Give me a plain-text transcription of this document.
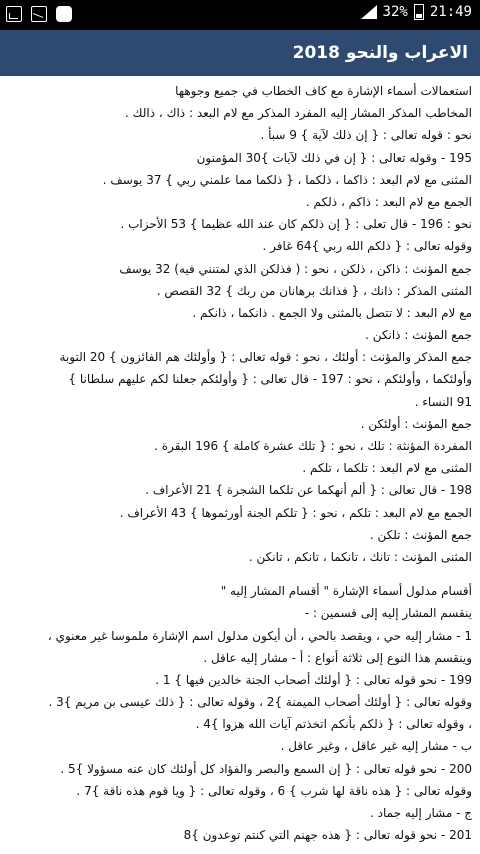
32% 21:49
الاعراب والنحو 2018
استعمالات أسماء الإشارة مع كاف الخطاب في جميع وجوهها
المخاطب المذكر المشار إليه المفرد المذكر مع لام البعد : ذاك ، ذالك .
نحو : قوله تعالى : { إن ذلك لآية } 9 سبأ .
195 - وقوله تعالى : { إن في ذلك لآيات }30 المؤمنون
المثنى مع لام البعد : ذاكما ، ذلكما ، { ذلكما مما علمني ربي } 37 يوسف .
الجمع مع لام البعد : ذاكم ، ذلكم .
نحو : 196 - قال تعلى : { إن ذلكم كان عند الله عظيما } 53 الأحزاب .
وقوله تعالى : { ذلكم الله ربي }64 غافر .
جمع المؤنث : ذاكن ، ذلكن ، نحو : ( فذلكن الذي لمتنني فيه) 32 يوسف
المثنى المذكر : ذانك ، { فذانك برهانان من ربك } 32 القصص .
مع لام البعد : لا تتصل بالمثنى ولا الجمع . ذانكما ، ذانكم .
جمع المؤنث : ذانكن .
جمع المذكر والمؤنث : أولئك ، نحو : قوله تعالى : { وأولئك هم الفائزون } 20 التوبة
وأولئكما ، وأولئكم ، نحو : 197 - قال تعالى : { وأولئكم جعلنا لكم عليهم سلطانا }
91 النساء .
جمع المؤنث : أولئكن .
المفردة المؤنثة : تلك ، نحو : { تلك عشرة كاملة } 196 البقرة .
المثنى مع لام البعد : تلكما ، تلكم .
198 - قال تعالى : { ألم أنهكما عن تلكما الشجرة } 21 الأعراف .
الجمع مع لام البعد : تلكم ، نحو : { تلكم الجنة أورثموها } 43 الأعراف .
جمع المؤنث : تلكن .
المثنى المؤنث : تانك ، تانكما ، تانكم ، تانكن .
أقسام مدلول أسماء الإشارة " أقسام المشار إليه "
ينقسم المشار إليه إلى قسمين : -
1 - مشار إليه حي ، ويقصد بالحي ، أن أيكون مدلول اسم الإشارة ملموسا غير معنوي ،
وينقسم هذا النوع إلى ثلاثة أنواع : أ - مشار إليه عاقل .
199 - نحو قوله تعالى : { أولئك أصحاب الجنة خالدين فيها } 1 .
وقوله تعالى : { أولئك أصحاب الميمنة }2 ، وقوله تعالى : { ذلك عيسى بن مريم }3 .
، وقوله تعالى : { ذلكم بأنكم اتخذتم آيات الله هزوا }4 .
ب - مشار إليه غير عاقل ، وغير عاقل .
200 - نحو قوله تعالى : { إن السمع والبصر والفؤاد كل أولئك كان عنه مسؤولا }5 .
وقوله تعالى : { هذه ناقة لها شرب } 6 ، وقوله تعالى : { ويا قوم هذه ناقة }7 .
ج - مشار إليه جماد .
201 - نحو قوله تعالى : { هذه جهنم التي كنتم توعدون }8
